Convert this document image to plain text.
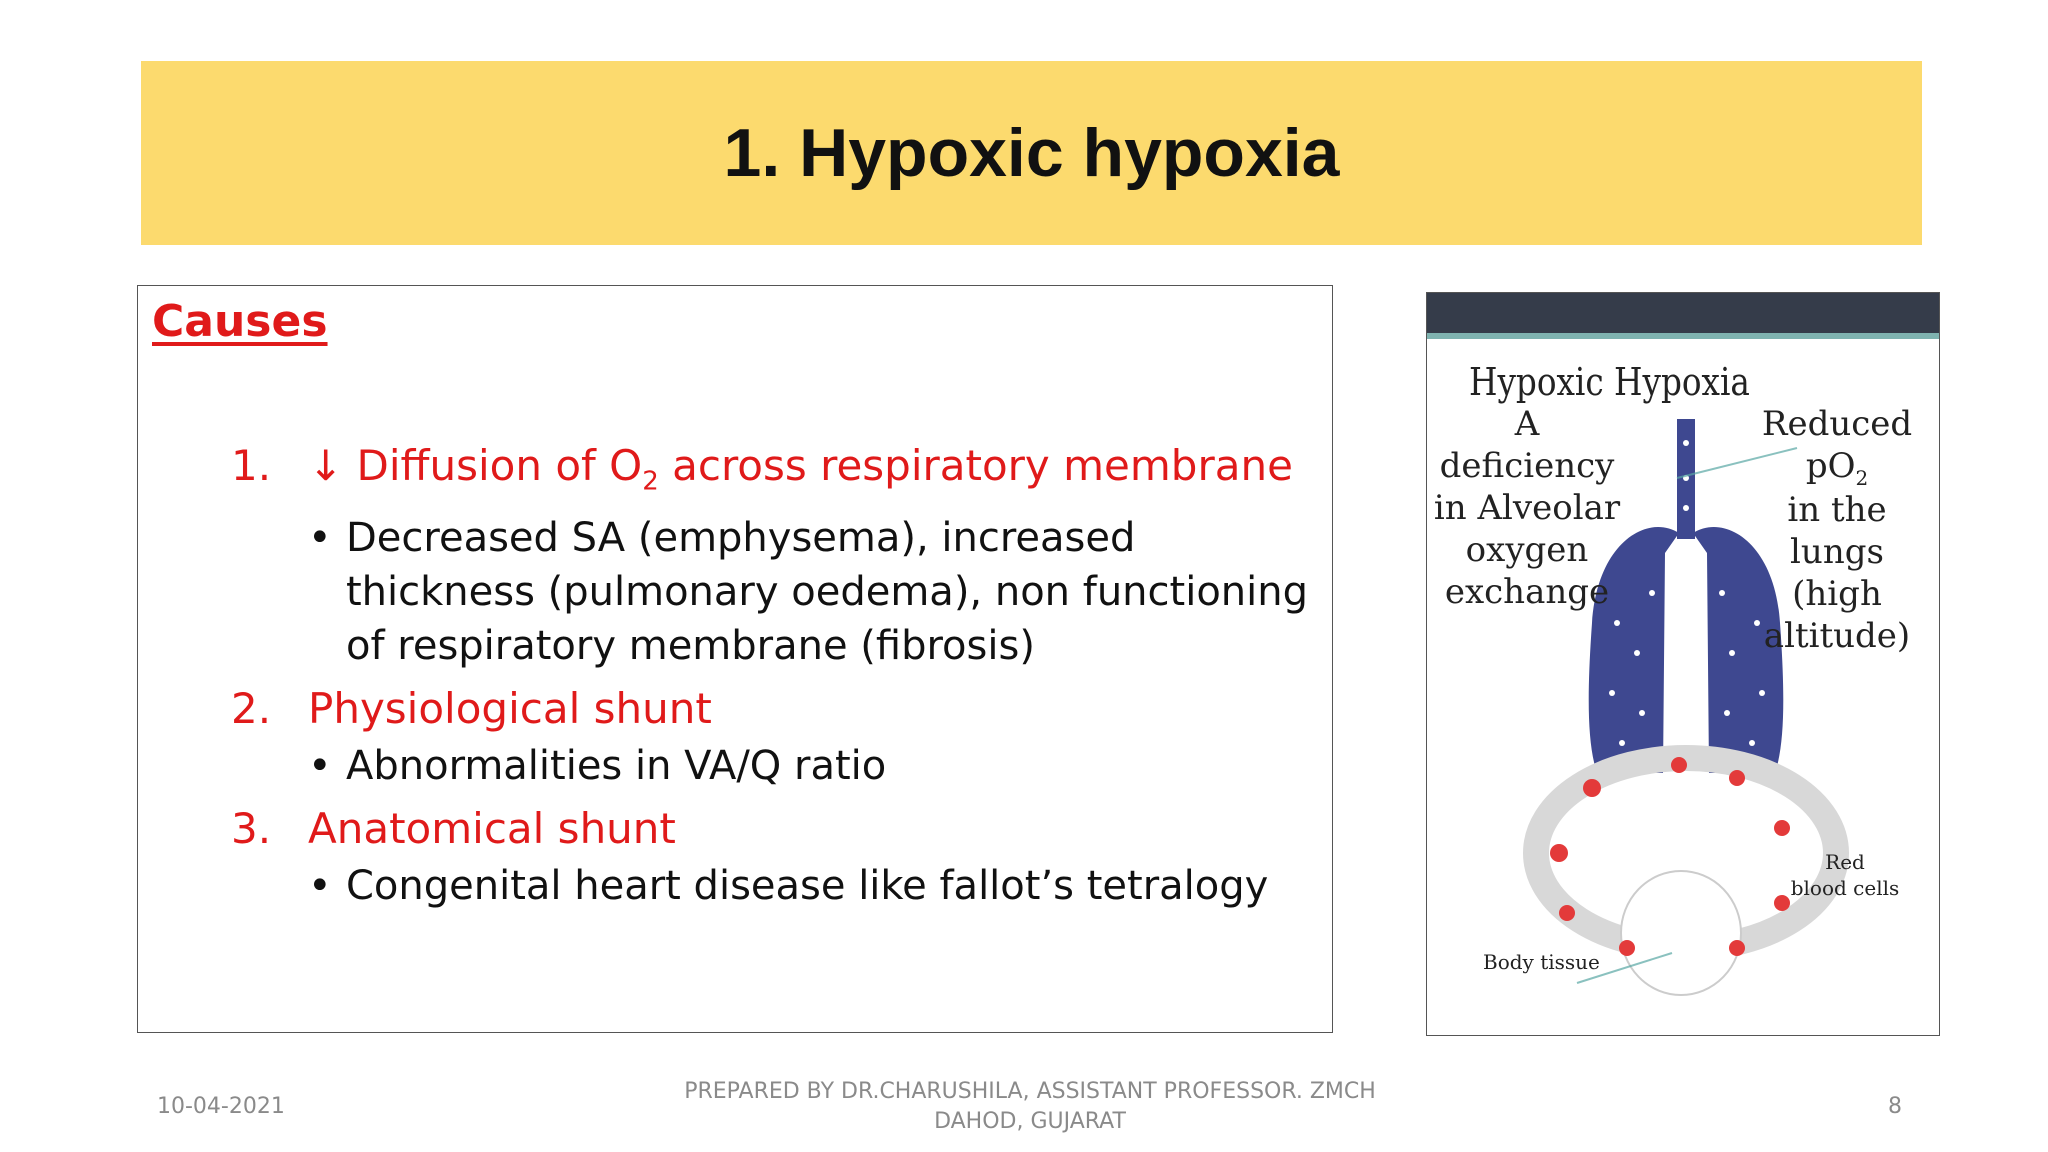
1. Hypoxic hypoxia
Causes
1. ↓ Diffusion of $O_2$ across respiratory membrane
• Decreased SA (emphysema), increased thickness (pulmonary oedema), non functioning of respiratory membrane (fibrosis)
2. Physiological shunt
• Abnormalities in VA/Q ratio
3. Anatomical shunt
• Congenital heart disease like fallot’s tetralogy
Hypoxic Hypoxia
A
deficiency
in Alveolar
oxygen
exchange
Reduced
$pO_2$
in the
lungs
(high
altitude)
Red
blood cells
Body tissue
10-04-2021
PREPARED BY DR.CHARUSHILA, ASSISTANT PROFESSOR. ZMCH
DAHOD, GUJARAT
8
